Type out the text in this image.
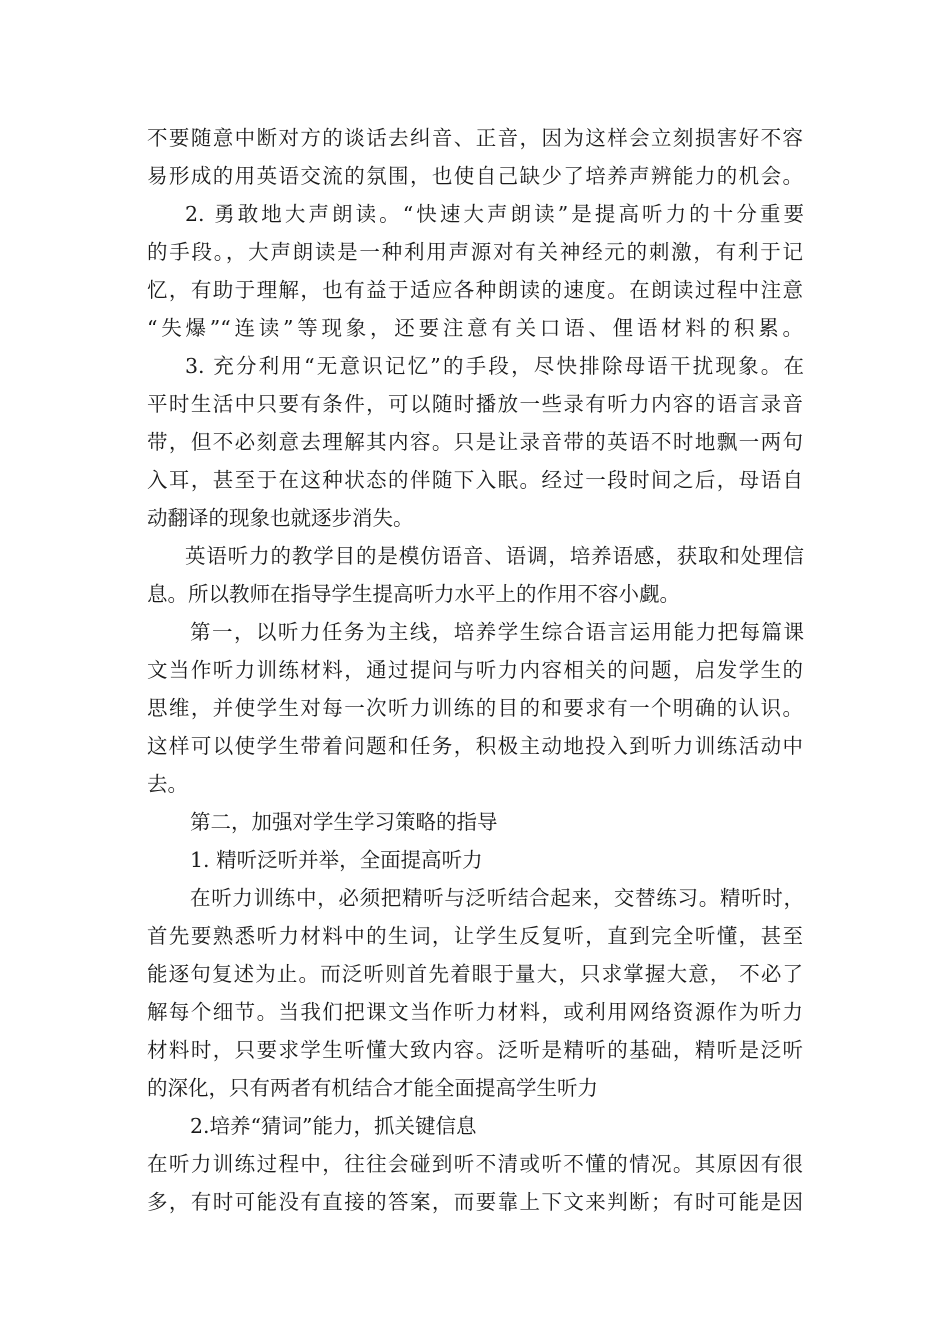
不要随意中断对方的谈话去纠音、正音，因为这样会立刻损害好不容
易形成的用英语交流的氛围，也使自己缺少了培养声辨能力的机会。
2. 勇敢地大声朗读。“快速大声朗读”是提高听力的十分重要
的手段。，大声朗读是一种利用声源对有关神经元的刺激，有利于记
忆，有助于理解，也有益于适应各种朗读的速度。在朗读过程中注意
“失爆”“连读”等现象，还要注意有关口语、俚语材料的积累。
3. 充分利用“无意识记忆”的手段，尽快排除母语干扰现象。在
平时生活中只要有条件，可以随时播放一些录有听力内容的语言录音
带，但不必刻意去理解其内容。只是让录音带的英语不时地飘一两句
入耳，甚至于在这种状态的伴随下入眠。经过一段时间之后，母语自
动翻译的现象也就逐步消失。
英语听力的教学目的是模仿语音、语调，培养语感，获取和处理信
息。所以教师在指导学生提高听力水平上的作用不容小觑。
第一，以听力任务为主线，培养学生综合语言运用能力把每篇课
文当作听力训练材料，通过提问与听力内容相关的问题，启发学生的
思维，并使学生对每一次听力训练的目的和要求有一个明确的认识。
这样可以使学生带着问题和任务，积极主动地投入到听力训练活动中
去。
第二，加强对学生学习策略的指导
1. 精听泛听并举，全面提高听力
在听力训练中，必须把精听与泛听结合起来，交替练习。精听时，
首先要熟悉听力材料中的生词，让学生反复听，直到完全听懂，甚至
能逐句复述为止。而泛听则首先着眼于量大，只求掌握大意， 不必了
解每个细节。当我们把课文当作听力材料，或利用网络资源作为听力
材料时，只要求学生听懂大致内容。泛听是精听的基础，精听是泛听
的深化，只有两者有机结合才能全面提高学生听力
2.培养“猜词”能力，抓关键信息
在听力训练过程中，往往会碰到听不清或听不懂的情况。其原因有很
多，有时可能没有直接的答案，而要靠上下文来判断；有时可能是因
